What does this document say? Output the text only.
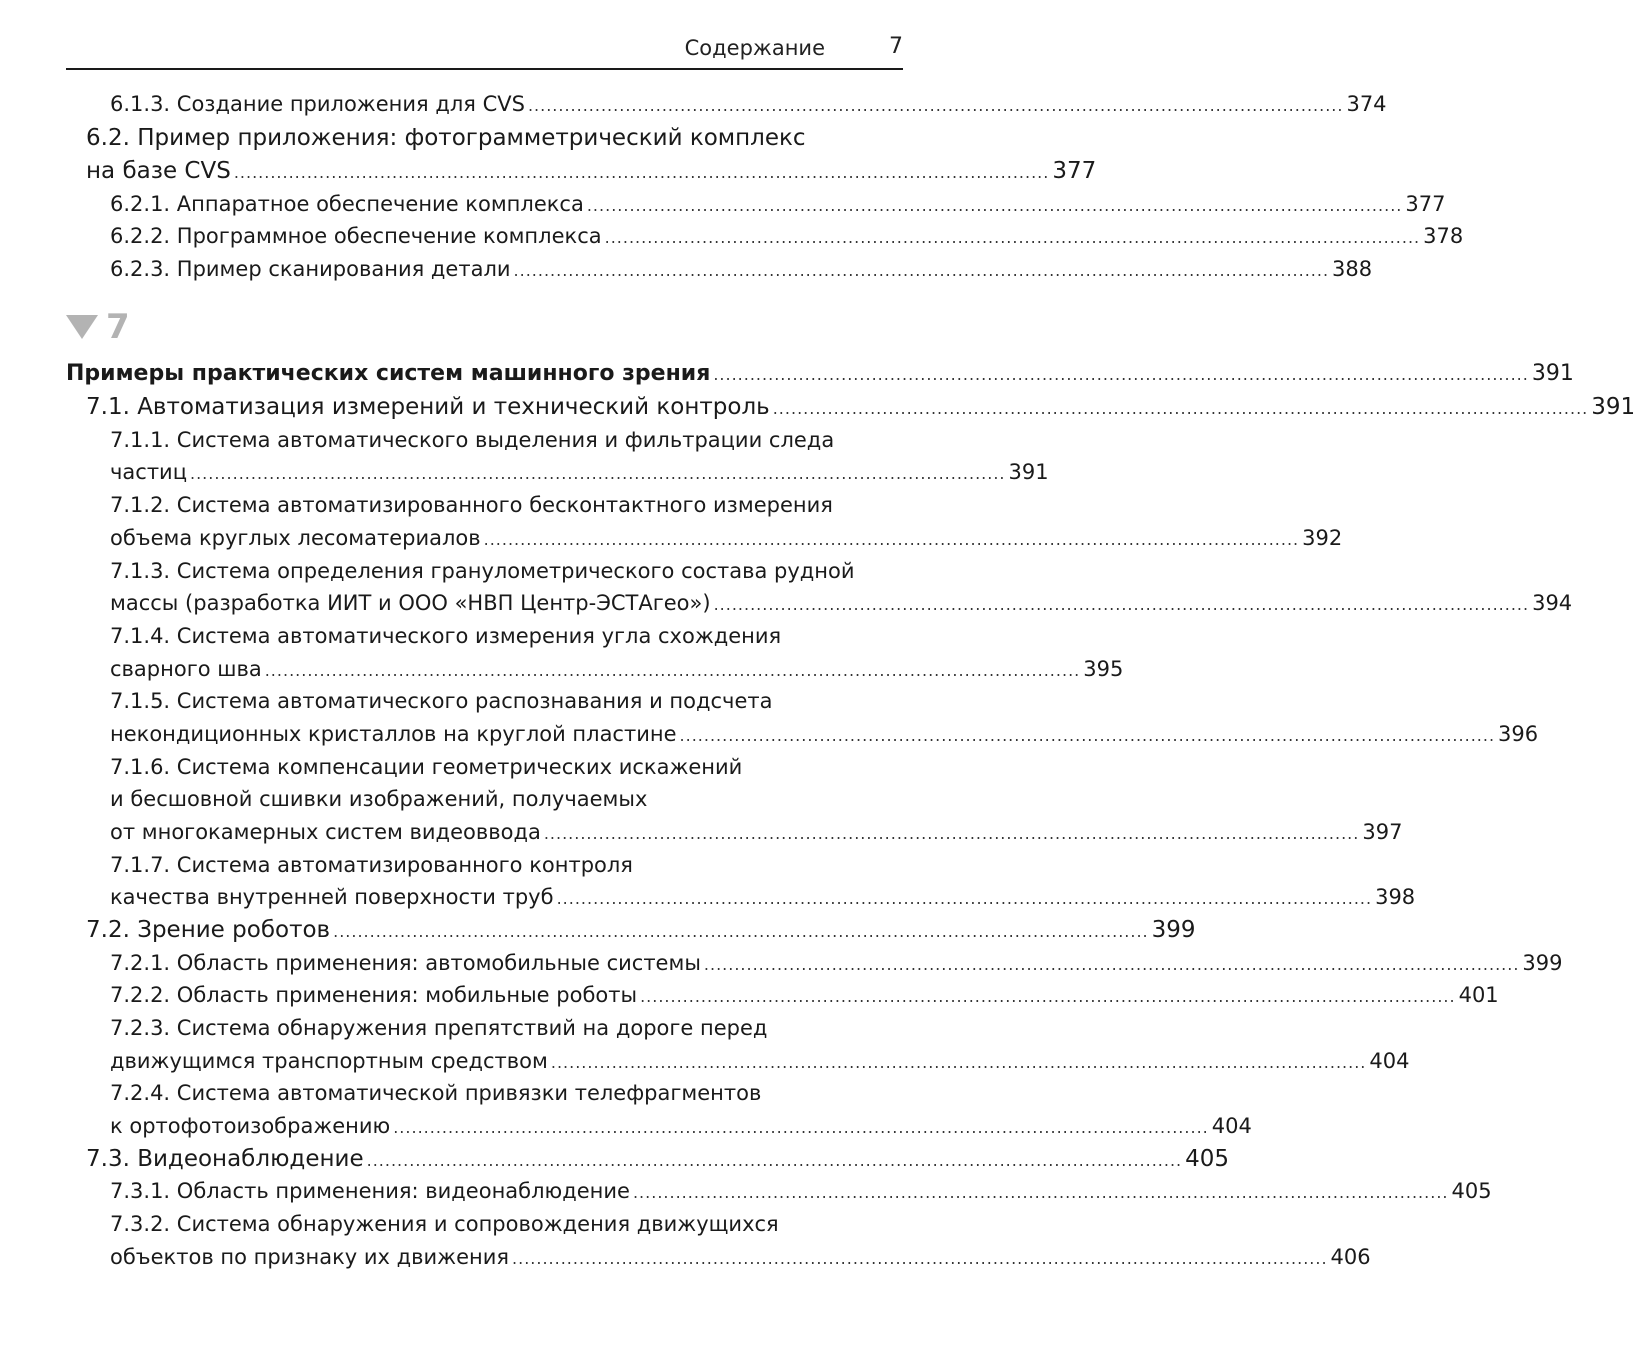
Содержание	7
6.1.3. Создание приложения для CVS ...................................................................................................................................... 374
6.2. Пример приложения: фотограмметрический комплекс
на базе CVS ...................................................................................................................................... 377
6.2.1. Аппаратное обеспечение комплекса ...................................................................................................................................... 377
6.2.2. Программное обеспечение комплекса ...................................................................................................................................... 378
6.2.3. Пример сканирования детали ...................................................................................................................................... 388
7
Примеры практических систем машинного зрения ...................................................................................................................................... 391
7.1. Автоматизация измерений и технический контроль ...................................................................................................................................... 391
7.1.1. Система автоматического выделения и фильтрации следа
частиц ...................................................................................................................................... 391
7.1.2. Система автоматизированного бесконтактного измерения
объема круглых лесоматериалов ...................................................................................................................................... 392
7.1.3. Система определения гранулометрического состава рудной
массы (разработка ИИТ и ООО «НВП Центр-ЭСТАгео») ...................................................................................................................................... 394
7.1.4. Система автоматического измерения угла схождения
сварного шва ...................................................................................................................................... 395
7.1.5. Система автоматического распознавания и подсчета
некондиционных кристаллов на круглой пластине ...................................................................................................................................... 396
7.1.6. Система компенсации геометрических искажений
и бесшовной сшивки изображений, получаемых
от многокамерных систем видеоввода ...................................................................................................................................... 397
7.1.7. Система автоматизированного контроля
качества внутренней поверхности труб ...................................................................................................................................... 398
7.2. Зрение роботов ...................................................................................................................................... 399
7.2.1. Область применения: автомобильные системы ...................................................................................................................................... 399
7.2.2. Область применения: мобильные роботы ...................................................................................................................................... 401
7.2.3. Система обнаружения препятствий на дороге перед
движущимся транспортным средством ...................................................................................................................................... 404
7.2.4. Система автоматической привязки телефрагментов
к ортофотоизображению ...................................................................................................................................... 404
7.3. Видеонаблюдение ...................................................................................................................................... 405
7.3.1. Область применения: видеонаблюдение ...................................................................................................................................... 405
7.3.2. Система обнаружения и сопровождения движущихся
объектов по признаку их движения ...................................................................................................................................... 406
